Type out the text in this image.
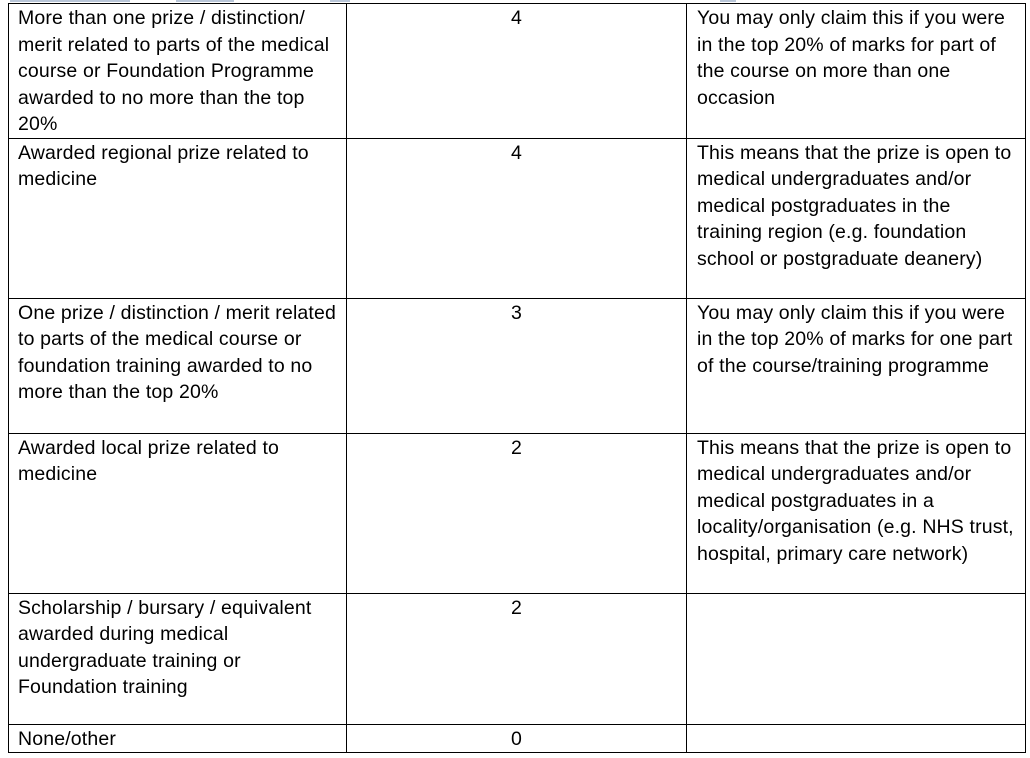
More than one prize / distinction/ merit related to parts of the medical course or Foundation Programme awarded to no more than the top 20%	4	You may only claim this if you were in the top 20% of marks for part of the course on more than one occasion
Awarded regional prize related to medicine	4	This means that the prize is open to medical undergraduates and/or medical postgraduates in the training region (e.g. foundation school or postgraduate deanery)
One prize / distinction / merit related to parts of the medical course or foundation training awarded to no more than the top 20%	3	You may only claim this if you were in the top 20% of marks for one part of the course/training programme
Awarded local prize related to medicine	2	This means that the prize is open to medical undergraduates and/or medical postgraduates in a locality/organisation (e.g. NHS trust, hospital, primary care network)
Scholarship / bursary / equivalent awarded during medical undergraduate training or Foundation training	2	
None/other	0	
